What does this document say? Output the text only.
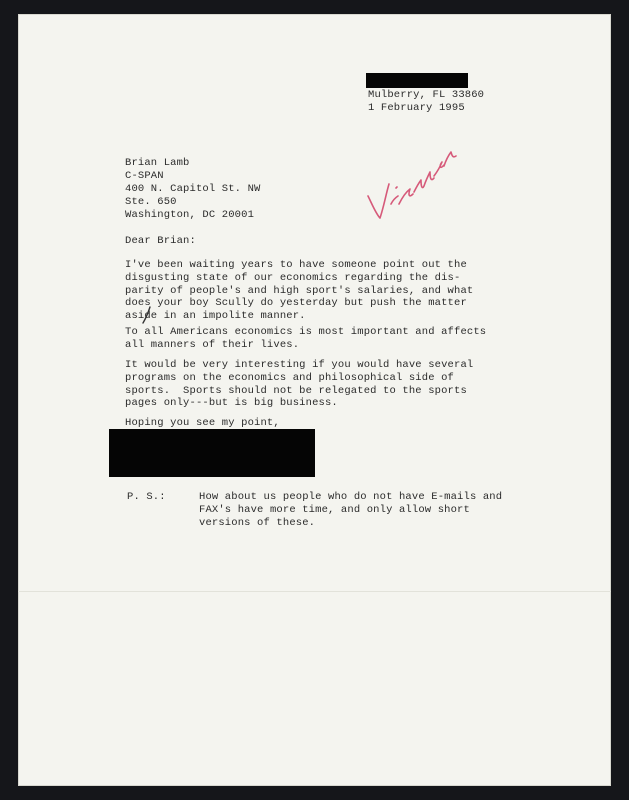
Mulberry, FL 33860
1 February 1995
Brian Lamb
C-SPAN
400 N. Capitol St. NW
Ste. 650
Washington, DC 20001
Dear Brian:
I've been waiting years to have someone point out the
disgusting state of our economics regarding the dis-
parity of people's and high sport's salaries, and what
does your boy Scully do yesterday but push the matter
aside in an impolite manner.
To all Americans economics is most important and affects
all manners of their lives.
It would be very interesting if you would have several
programs on the economics and philosophical side of
sports.  Sports should not be relegated to the sports
pages only---but is big business.
Hoping you see my point,
P. S.:	How about us people who do not have E-mails and
FAX's have more time, and only allow short
versions of these.
